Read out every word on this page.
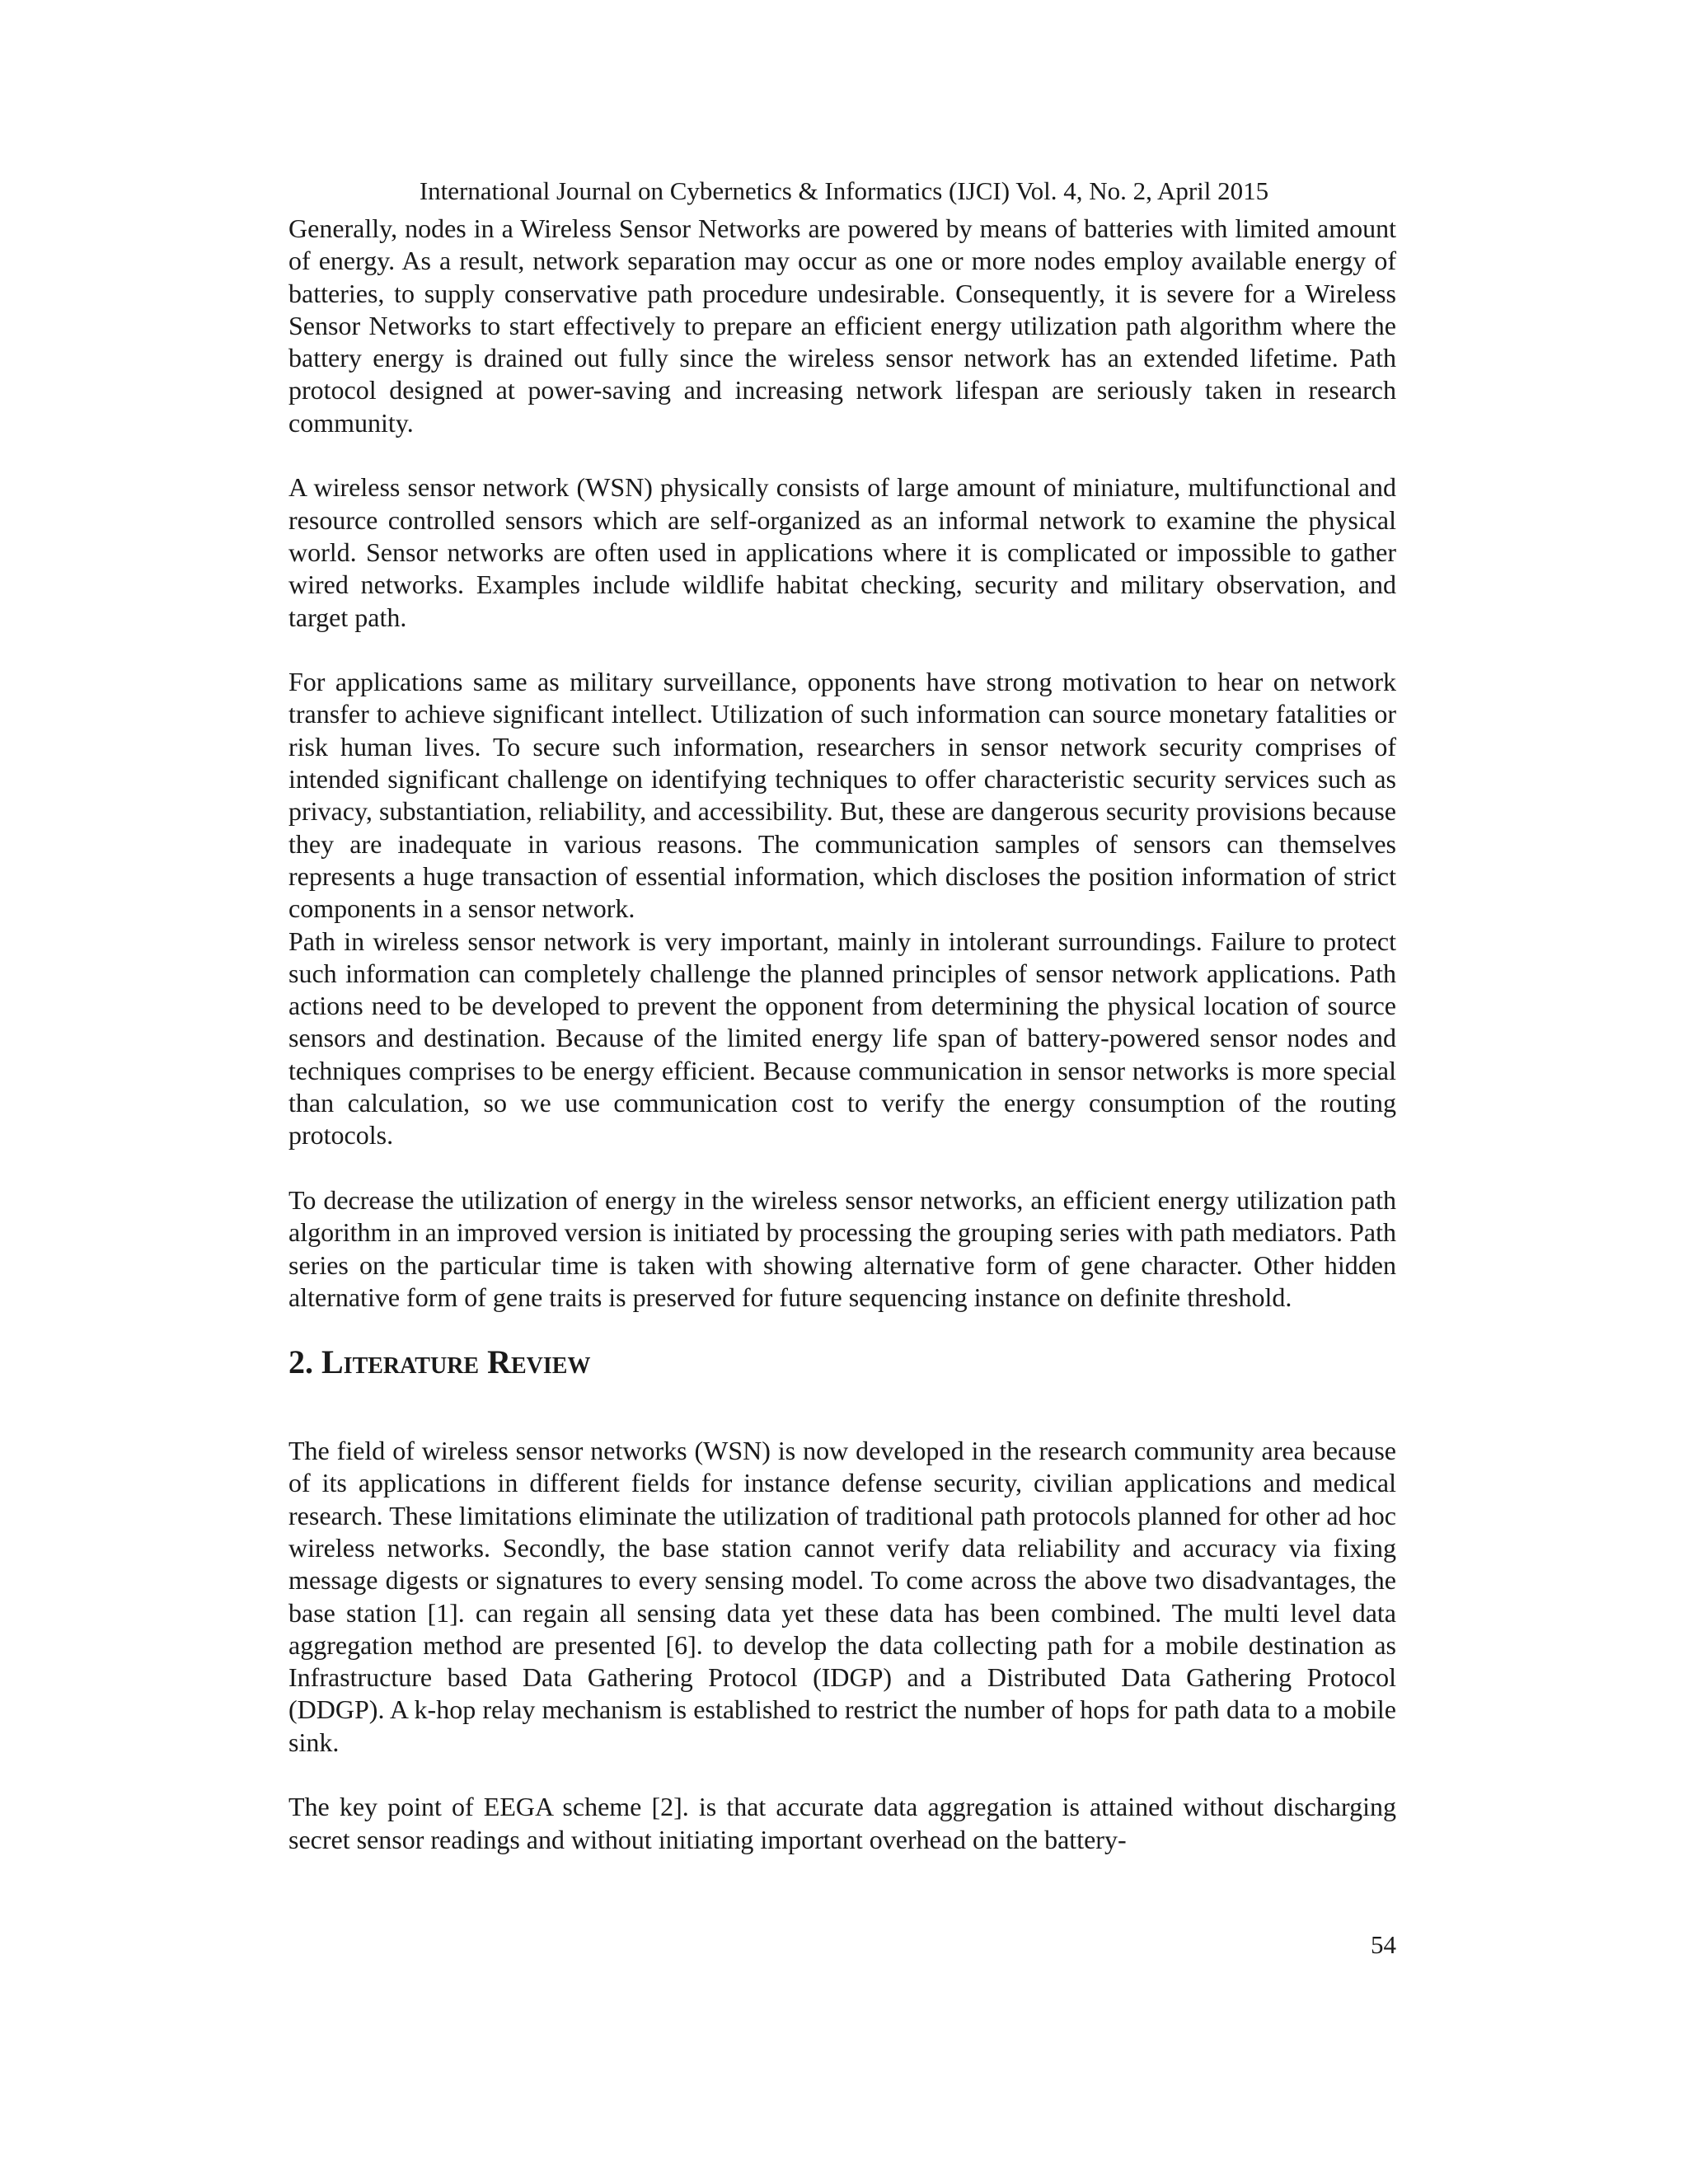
International Journal on Cybernetics & Informatics (IJCI) Vol. 4, No. 2, April 2015

Generally, nodes in a Wireless Sensor Networks are powered by means of batteries with limited amount of energy. As a result, network separation may occur as one or more nodes employ available energy of batteries, to supply conservative path procedure undesirable. Consequently, it is severe for a Wireless Sensor Networks to start effectively to prepare an efficient energy utilization path algorithm where the battery energy is drained out fully since the wireless sensor network has an extended lifetime. Path protocol designed at power-saving and increasing network lifespan are seriously taken in research community.

A wireless sensor network (WSN) physically consists of large amount of miniature, multifunctional and resource controlled sensors which are self-organized as an informal network to examine the physical world. Sensor networks are often used in applications where it is complicated or impossible to gather wired networks. Examples include wildlife habitat checking, security and military observation, and target path.

For applications same as military surveillance, opponents have strong motivation to hear on network transfer to achieve significant intellect. Utilization of such information can source monetary fatalities or risk human lives. To secure such information, researchers in sensor network security comprises of intended significant challenge on identifying techniques to offer characteristic security services such as privacy, substantiation, reliability, and accessibility. But, these are dangerous security provisions because they are inadequate in various reasons. The communication samples of sensors can themselves represents a huge transaction of essential information, which discloses the position information of strict components in a sensor network.

Path in wireless sensor network is very important, mainly in intolerant surroundings. Failure to protect such information can completely challenge the planned principles of sensor network applications. Path actions need to be developed to prevent the opponent from determining the physical location of source sensors and destination. Because of the limited energy life span of battery-powered sensor nodes and techniques comprises to be energy efficient. Because communication in sensor networks is more special than calculation, so we use communication cost to verify the energy consumption of the routing protocols.

To decrease the utilization of energy in the wireless sensor networks, an efficient energy utilization path algorithm in an improved version is initiated by processing the grouping series with path mediators. Path series on the particular time is taken with showing alternative form of gene character. Other hidden alternative form of gene traits is preserved for future sequencing instance on definite threshold.

2. Literature Review

The field of wireless sensor networks (WSN) is now developed in the research community area because of its applications in different fields for instance defense security, civilian applications and medical research. These limitations eliminate the utilization of traditional path protocols planned for other ad hoc wireless networks. Secondly, the base station cannot verify data reliability and accuracy via fixing message digests or signatures to every sensing model. To come across the above two disadvantages, the base station [1]. can regain all sensing data yet these data has been combined. The multi level data aggregation method are presented [6]. to develop the data collecting path for a mobile destination as Infrastructure based Data Gathering Protocol (IDGP) and a Distributed Data Gathering Protocol (DDGP). A k-hop relay mechanism is established to restrict the number of hops for path data to a mobile sink.

The key point of EEGA scheme [2]. is that accurate data aggregation is attained without discharging secret sensor readings and without initiating important overhead on the battery-

54
